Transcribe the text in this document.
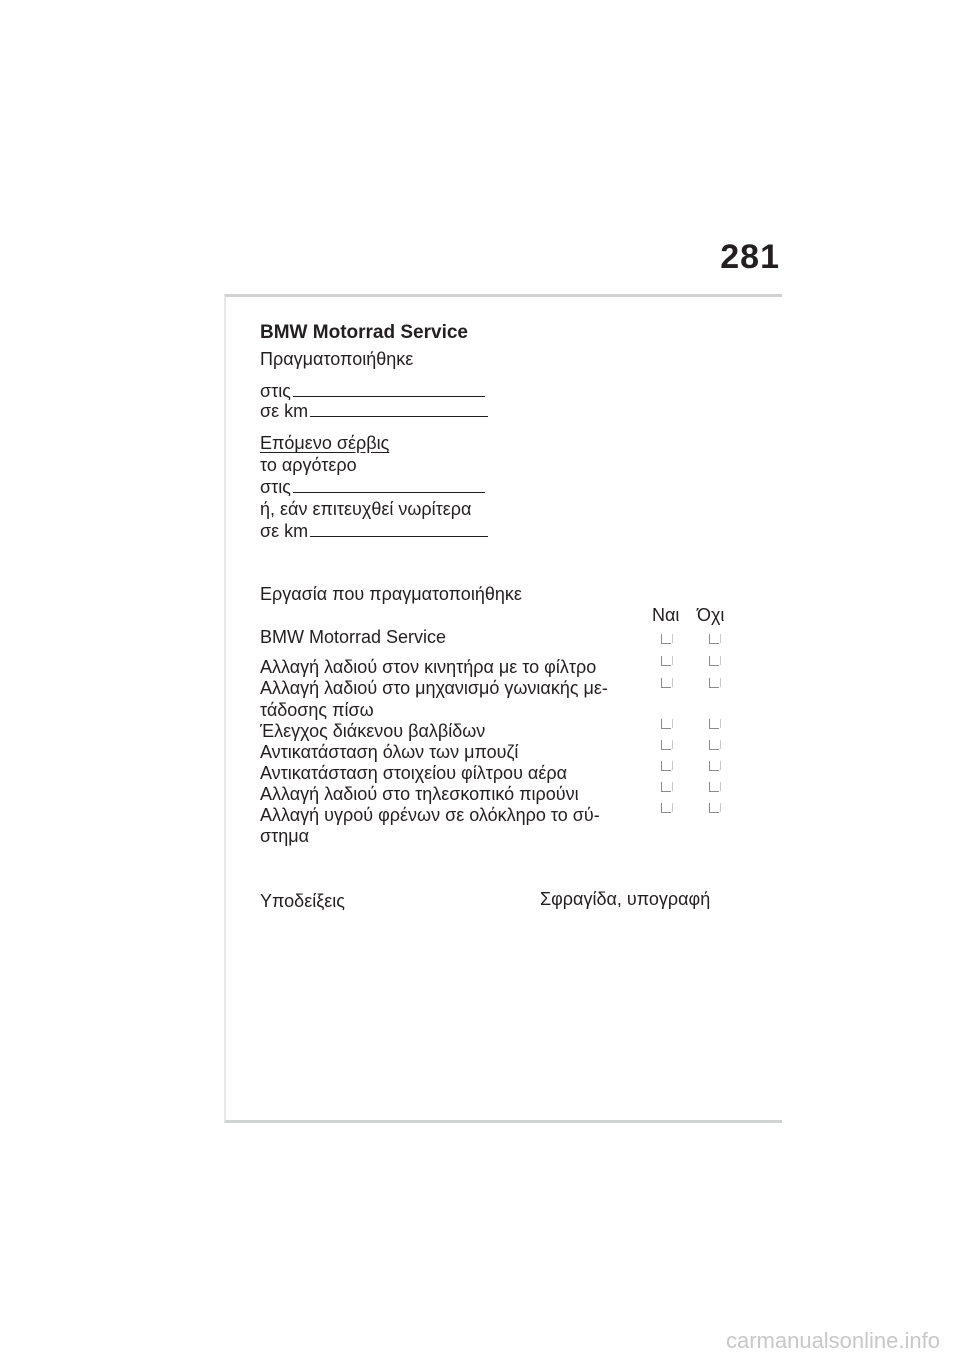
281
BMW Motorrad Service
Πραγματοποιήθηκε
στις
σε km
Επόμενο σέρβις
το αργότερο
στις
ή, εάν επιτευχθεί νωρίτερα
σε km
Εργασία που πραγματοποιήθηκε
Ναι Όχι
BMW Motorrad Service
Αλλαγή λαδιού στον κινητήρα με το φίλτρο
Αλλαγή λαδιού στο μηχανισμό γωνιακής με-
τάδοσης πίσω
Έλεγχος διάκενου βαλβίδων
Αντικατάσταση όλων των μπουζί
Αντικατάσταση στοιχείου φίλτρου αέρα
Αλλαγή λαδιού στο τηλεσκοπικό πιρούνι
Αλλαγή υγρού φρένων σε ολόκληρο το σύ-
στημα
Υποδείξεις	Σφραγίδα, υπογραφή
carmanualsonline.info
